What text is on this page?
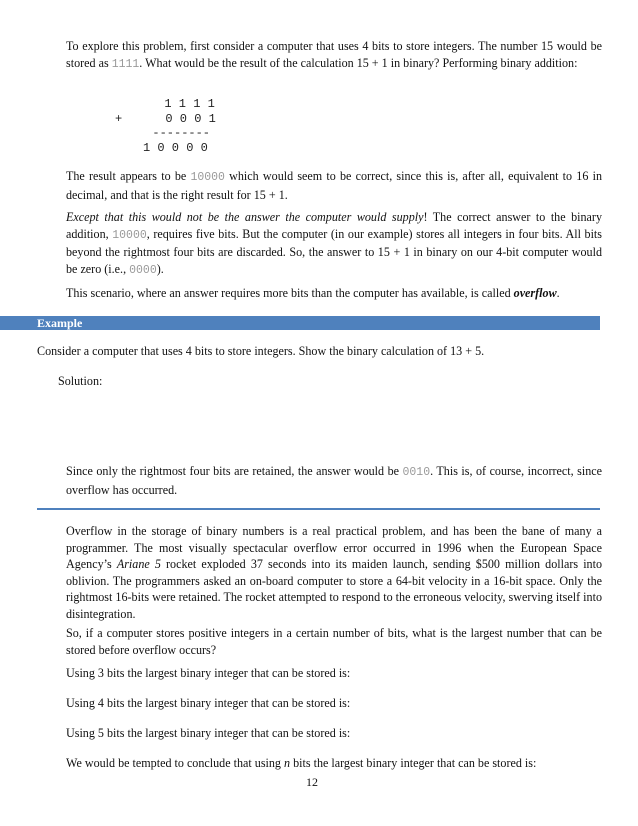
To explore this problem, first consider a computer that uses 4 bits to store integers. The number 15 would be stored as 1111. What would be the result of the calculation 15 + 1 in binary? Performing binary addition:

1 1 1 1
+      0 0 0 1
--------
1 0 0 0 0

The result appears to be 10000 which would seem to be correct, since this is, after all, equivalent to 16 in decimal, and that is the right result for 15 + 1.

Except that this would not be the answer the computer would supply! The correct answer to the binary addition, 10000, requires five bits. But the computer (in our example) stores all integers in four bits. All bits beyond the rightmost four bits are discarded. So, the answer to 15 + 1 in binary on our 4-bit computer would be zero (i.e., 0000).

This scenario, where an answer requires more bits than the computer has available, is called overflow.

Example

Consider a computer that uses 4 bits to store integers. Show the binary calculation of 13 + 5.

Solution:

Since only the rightmost four bits are retained, the answer would be 0010. This is, of course, incorrect, since overflow has occurred.

Overflow in the storage of binary numbers is a real practical problem, and has been the bane of many a programmer. The most visually spectacular overflow error occurred in 1996 when the European Space Agency’s Ariane 5 rocket exploded 37 seconds into its maiden launch, sending $500 million dollars into oblivion. The programmers asked an on-board computer to store a 64-bit velocity in a 16-bit space. Only the rightmost 16-bits were retained. The rocket attempted to respond to the erroneous velocity, swerving itself into disintegration.

So, if a computer stores positive integers in a certain number of bits, what is the largest number that can be stored before overflow occurs?

Using 3 bits the largest binary integer that can be stored is:

Using 4 bits the largest binary integer that can be stored is:

Using 5 bits the largest binary integer that can be stored is:

We would be tempted to conclude that using n bits the largest binary integer that can be stored is:

12
